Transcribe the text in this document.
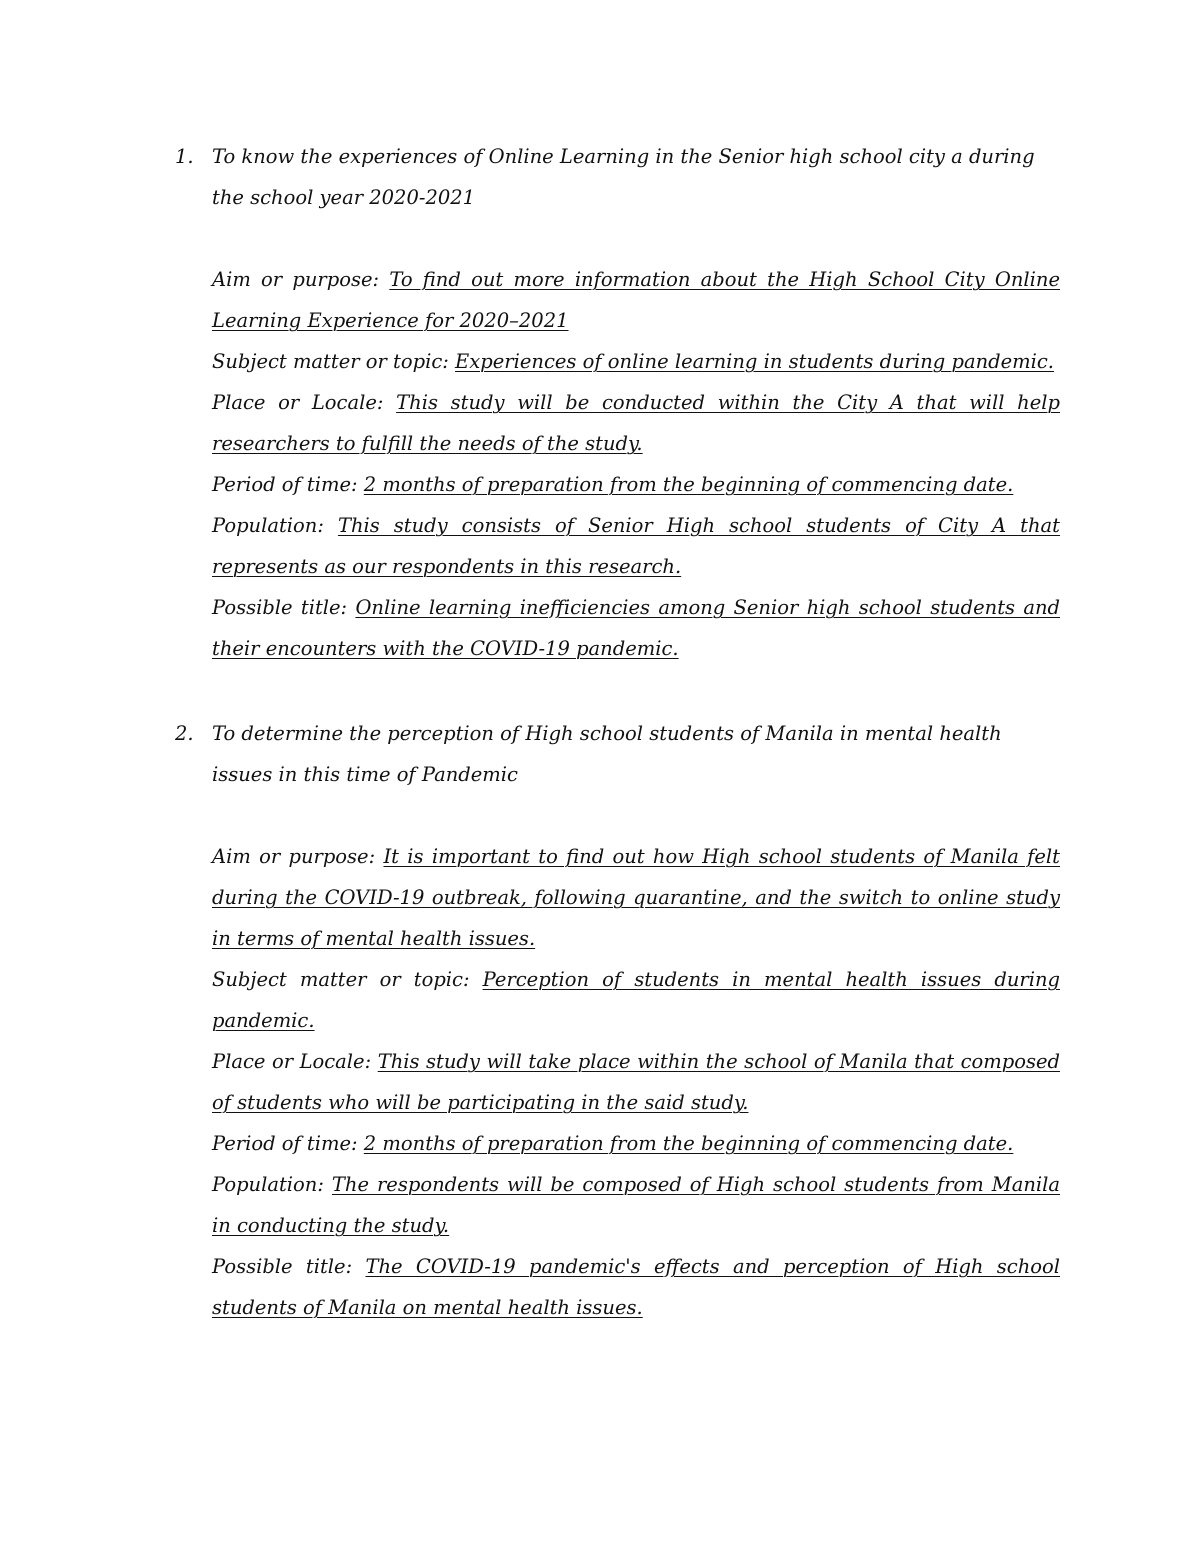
1. To know the experiences of Online Learning in the Senior high school city a during the school year 2020-2021

Aim or purpose: To find out more information about the High School City Online Learning Experience for 2020–2021

Subject matter or topic: Experiences of online learning in students during pandemic.

Place or Locale: This study will be conducted within the City A that will help researchers to fulfill the needs of the study.

Period of time: 2 months of preparation from the beginning of commencing date.

Population: This study consists of Senior High school students of City A that represents as our respondents in this research.

Possible title: Online learning inefficiencies among Senior high school students and their encounters with the COVID-19 pandemic.

2. To determine the perception of High school students of Manila in mental health issues in this time of Pandemic

Aim or purpose: It is important to find out how High school students of Manila felt during the COVID-19 outbreak, following quarantine, and the switch to online study in terms of mental health issues.

Subject matter or topic: Perception of students in mental health issues during pandemic.

Place or Locale: This study will take place within the school of Manila that composed of students who will be participating in the said study.

Period of time: 2 months of preparation from the beginning of commencing date.

Population: The respondents will be composed of High school students from Manila in conducting the study.

Possible title: The COVID-19 pandemic's effects and perception of High school students of Manila on mental health issues.
